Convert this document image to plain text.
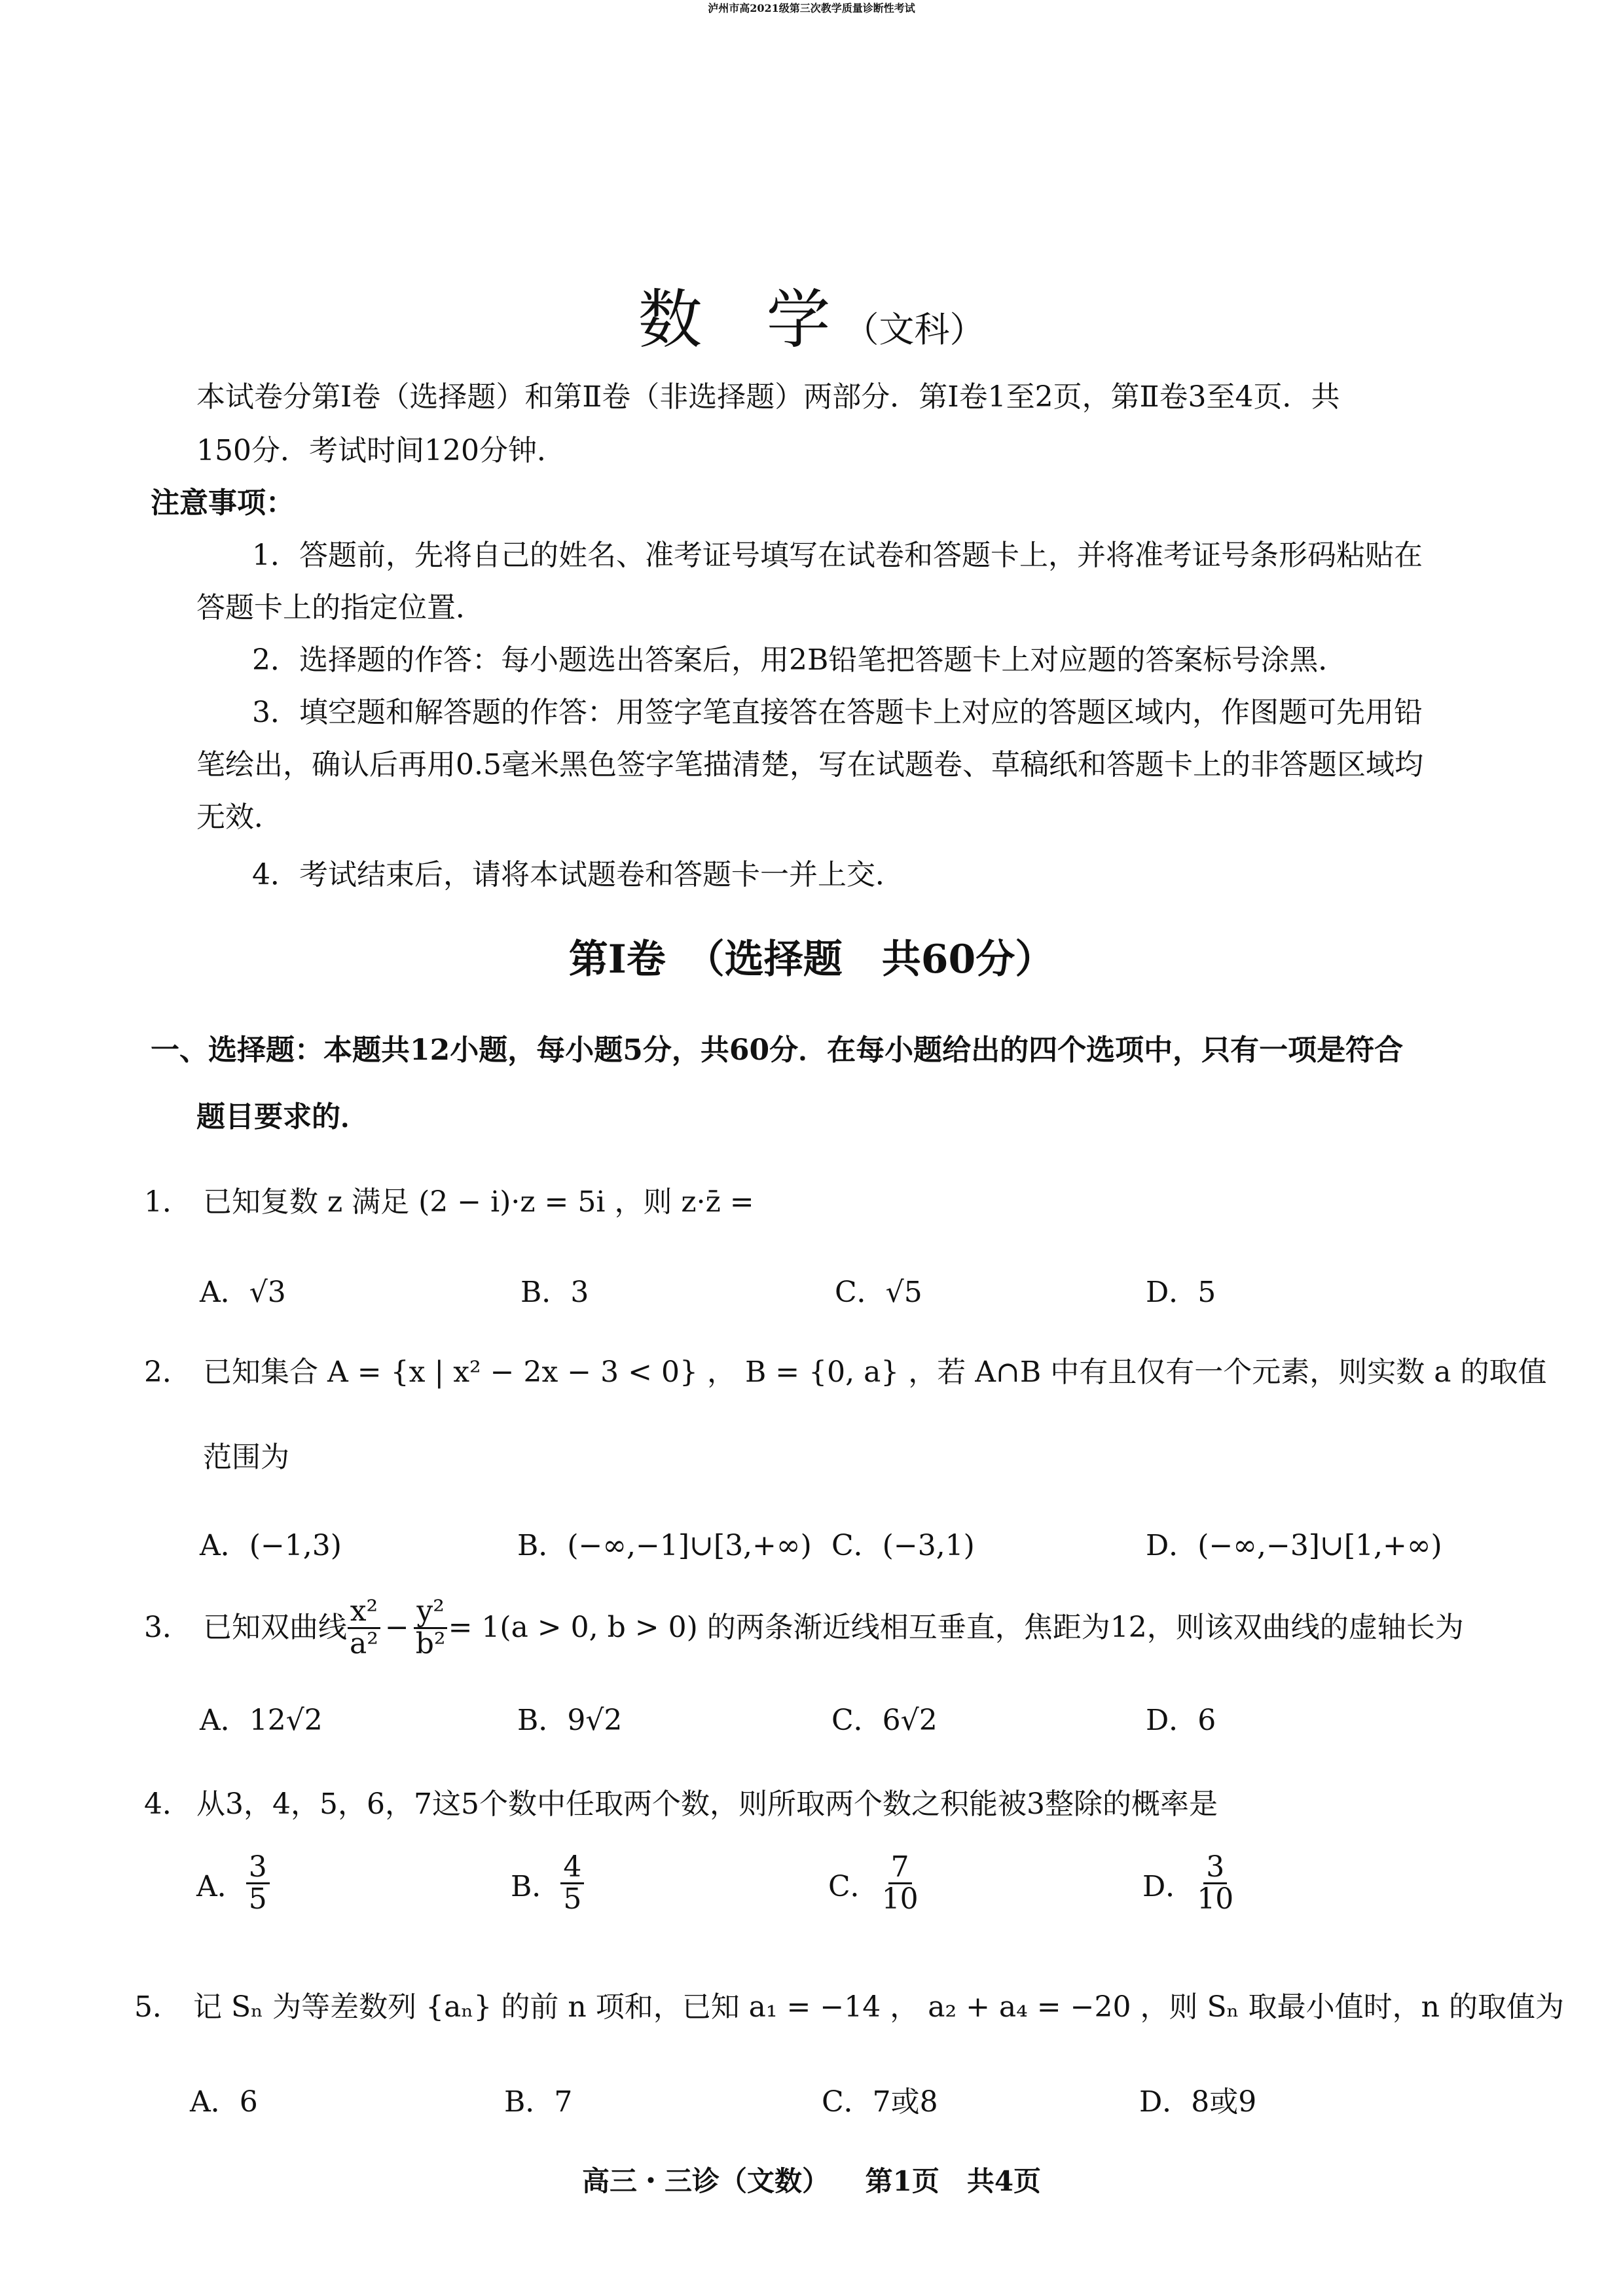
泸州市高2021级第三次教学质量诊断性考试
数　学 （文科）
本试卷分第Ⅰ卷（选择题）和第Ⅱ卷（非选择题）两部分．第Ⅰ卷1至2页，第Ⅱ卷3至4页．共
150分．考试时间120分钟．
注意事项：
1．答题前，先将自己的姓名、准考证号填写在试卷和答题卡上，并将准考证号条形码粘贴在
答题卡上的指定位置．
2．选择题的作答：每小题选出答案后，用2B铅笔把答题卡上对应题的答案标号涂黑．
3．填空题和解答题的作答：用签字笔直接答在答题卡上对应的答题区域内，作图题可先用铅
笔绘出，确认后再用0.5毫米黑色签字笔描清楚，写在试题卷、草稿纸和答题卡上的非答题区域均
无效．
4．考试结束后，请将本试题卷和答题卡一并上交．
第Ⅰ卷　（选择题　共60分）
一、选择题：本题共12小题，每小题5分，共60分．在每小题给出的四个选项中，只有一项是符合
题目要求的．
1． 已知复数 z 满足 (2 − i)·z = 5i ，则 z·z̄ =
A．√3	B．3	C．√5	D．5
2． 已知集合 A = {x | x² − 2x − 3 < 0} ， B = {0, a} ，若 A∩B 中有且仅有一个元素，则实数 a 的取值
范围为
A．(−1,3)	B．(−∞,−1]∪[3,+∞) C．(−3,1)	D．(−∞,−3]∪[1,+∞)
3． 已知双曲线 $\frac{\text{x²}}{\text{a²}} - \frac{\text{y²}}{\text{b²}} = 1(a > 0$, b > 0) 的两条渐近线相互垂直，焦距为12，则该双曲线的虚轴长为
A．12√2	B．9√2	C．6√2	D．6
4． 从3，4，5，6，7这5个数中任取两个数，则所取两个数之积能被3整除的概率是
A． $\frac{3}{5}$	B． $\frac{4}{5}$	C． $\frac{7}{10}$	D． $\frac{3}{10}$
5． 记 Sₙ 为等差数列 {aₙ} 的前 n 项和，已知 a₁ = −14 ， a₂ + a₄ = −20 ，则 Sₙ 取最小值时，n 的取值为
A．6	B．7	C．7或8	D．8或9
高三・三诊（文数） 第1页　共4页
